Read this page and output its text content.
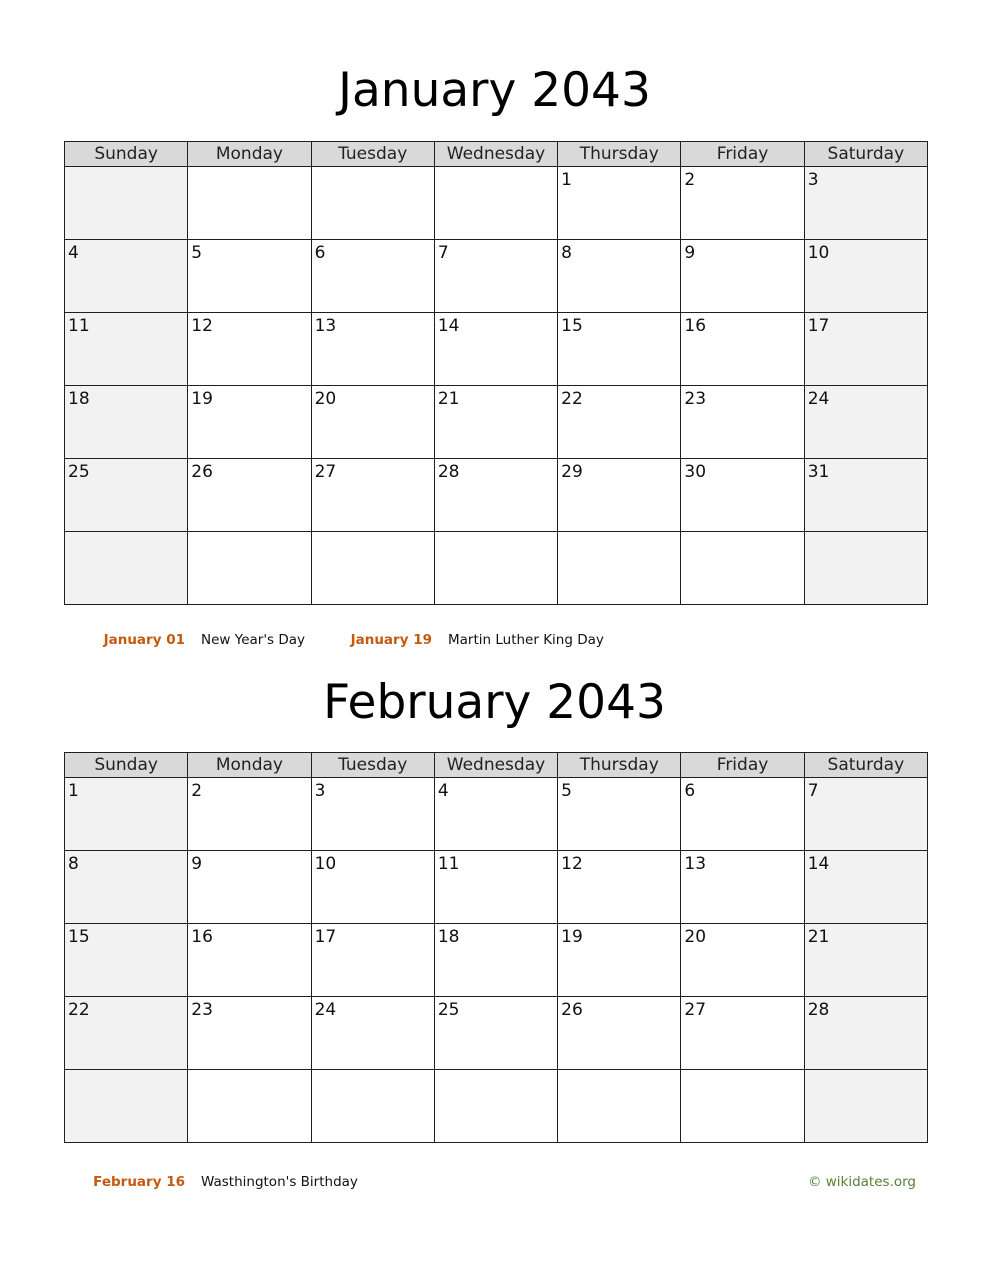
January 2043
Sunday	Monday	Tuesday	Wednesday	Thursday	Friday	Saturday

				1	2	3

4	5	6	7	8	9	10

11	12	13	14	15	16	17

18	19	20	21	22	23	24

25	26	27	28	29	30	31

January 01 New Year's Day	January 19 Martin Luther King Day
February 2043
Sunday	Monday	Tuesday	Wednesday	Thursday	Friday	Saturday

1	2	3	4	5	6	7

8	9	10	11	12	13	14

15	16	17	18	19	20	21

22	23	24	25	26	27	28

February 16 Wasthington's Birthday	© wikidates.org
